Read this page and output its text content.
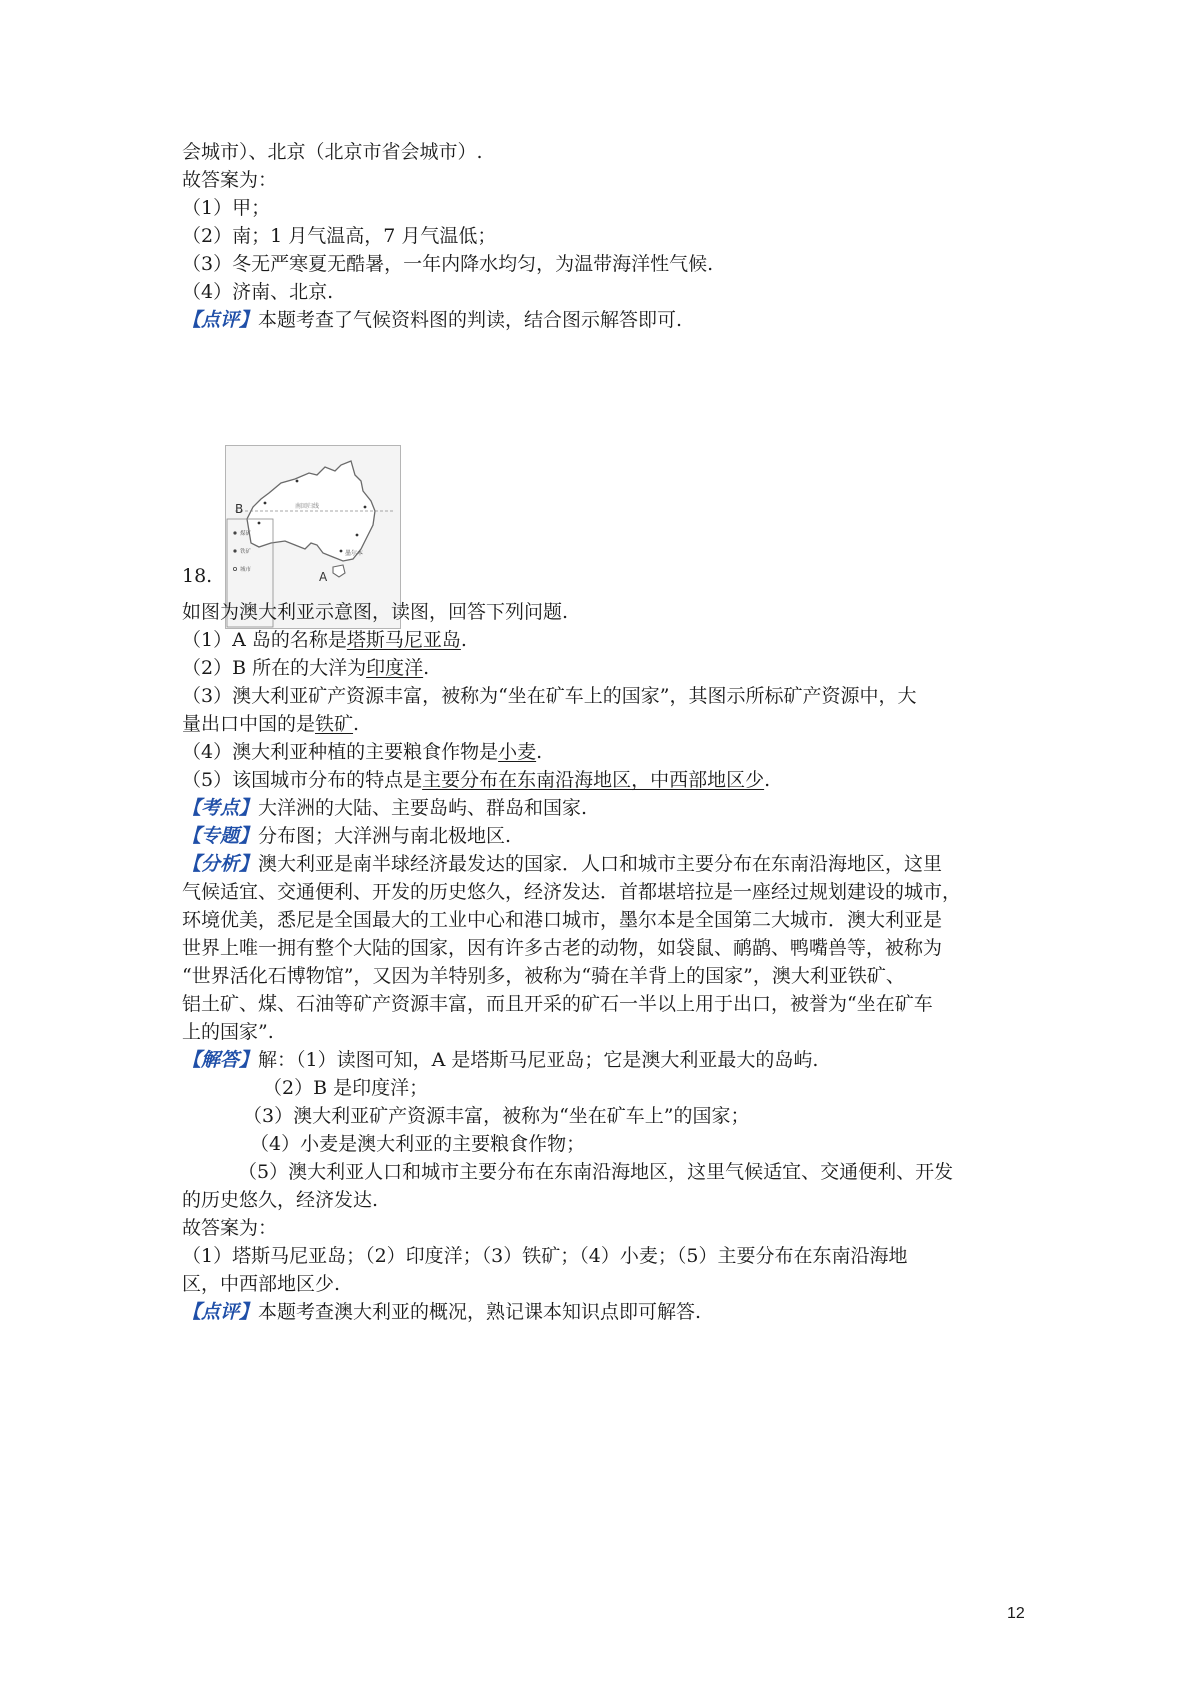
会城市）、北京（北京市省会城市）.
故答案为：
（1）甲；
（2）南；1 月气温高，7 月气温低；
（3）冬无严寒夏无酷暑，一年内降水均匀，为温带海洋性气候.
（4）济南、北京.
【点评】本题考查了气候资料图的判读，结合图示解答即可.
南回归线
煤矿
铁矿
城市
B
A
墨尔本
18.
如图为澳大利亚示意图，读图，回答下列问题.
（1）A 岛的名称是塔斯马尼亚岛.
（2）B 所在的大洋为印度洋.
（3）澳大利亚矿产资源丰富，被称为“坐在矿车上的国家”，其图示所标矿产资源中，大
量出口中国的是铁矿.
（4）澳大利亚种植的主要粮食作物是小麦.
（5）该国城市分布的特点是主要分布在东南沿海地区，中西部地区少.
【考点】大洋洲的大陆、主要岛屿、群岛和国家.
【专题】分布图；大洋洲与南北极地区.
【分析】澳大利亚是南半球经济最发达的国家．人口和城市主要分布在东南沿海地区，这里
气候适宜、交通便利、开发的历史悠久，经济发达．首都堪培拉是一座经过规划建设的城市，
环境优美，悉尼是全国最大的工业中心和港口城市，墨尔本是全国第二大城市．澳大利亚是
世界上唯一拥有整个大陆的国家，因有许多古老的动物，如袋鼠、鸸鹋、鸭嘴兽等，被称为
“世界活化石博物馆”，又因为羊特别多，被称为“骑在羊背上的国家”，澳大利亚铁矿、
铝土矿、煤、石油等矿产资源丰富，而且开采的矿石一半以上用于出口，被誉为“坐在矿车
上的国家”.
【解答】解：（1）读图可知，A 是塔斯马尼亚岛；它是澳大利亚最大的岛屿.
（2）B 是印度洋；
（3）澳大利亚矿产资源丰富，被称为“坐在矿车上”的国家；
（4）小麦是澳大利亚的主要粮食作物；
（5）澳大利亚人口和城市主要分布在东南沿海地区，这里气候适宜、交通便利、开发
的历史悠久，经济发达.
故答案为：
（1）塔斯马尼亚岛；（2）印度洋；（3）铁矿；（4）小麦；（5）主要分布在东南沿海地
区，中西部地区少.
【点评】本题考查澳大利亚的概况，熟记课本知识点即可解答.
12
